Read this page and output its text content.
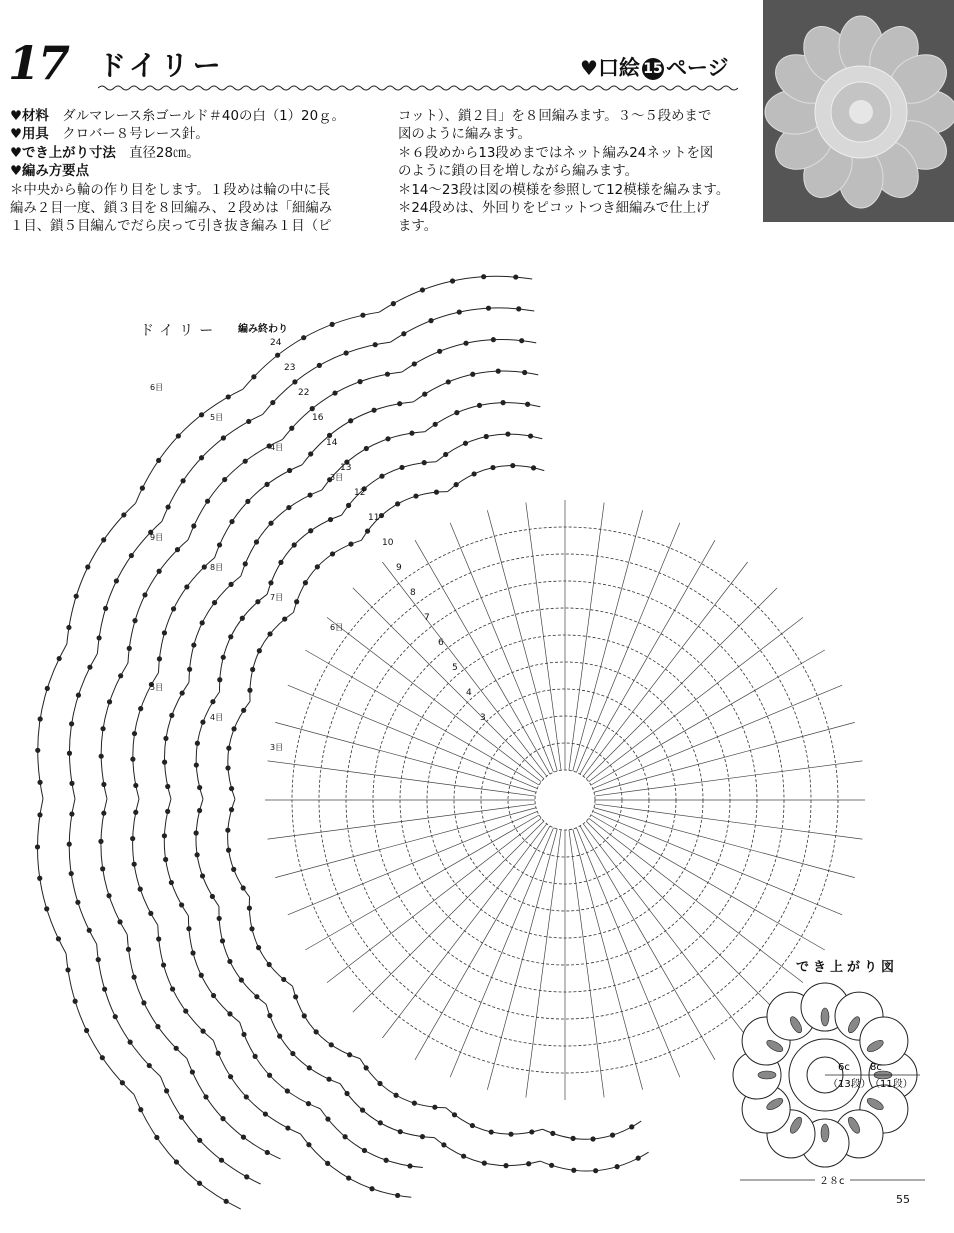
17 ドイリー	♥口絵 15 ページ
♥材料　 ダルマレース糸ゴールド＃40の白（1）20ｇ。
♥用具　 クロバー８号レース針。
♥でき上がり寸法　 直径28㎝。
♥編み方要点
＊中央から輪の作り目をします。１段めは輪の中に長
編み２目一度、鎖３目を８回編み、２段めは「細編み
１目、鎖５目編んでだら戻って引き抜き編み１目（ピ
コット）、鎖２目」を８回編みます。３～５段めまで
図のように編みます。
＊６段めから13段めまではネット編み24ネットを図
のように鎖の目を増しながら編みます。
＊14～23段は図の模様を参照して12模様を編みます。
＊24段めは、外回りをピコットつき細編みで仕上げ
ます。
24
23
22
16
14
13
12
11
10
9
8
7
6
5
4
3
6目
5目
4目
3目
9目
8目
7目
6目
5目
4目
3目
ドイリー 編み終わり
でき上がり図
6c 8c
（13段） （11段）
２８c
55
